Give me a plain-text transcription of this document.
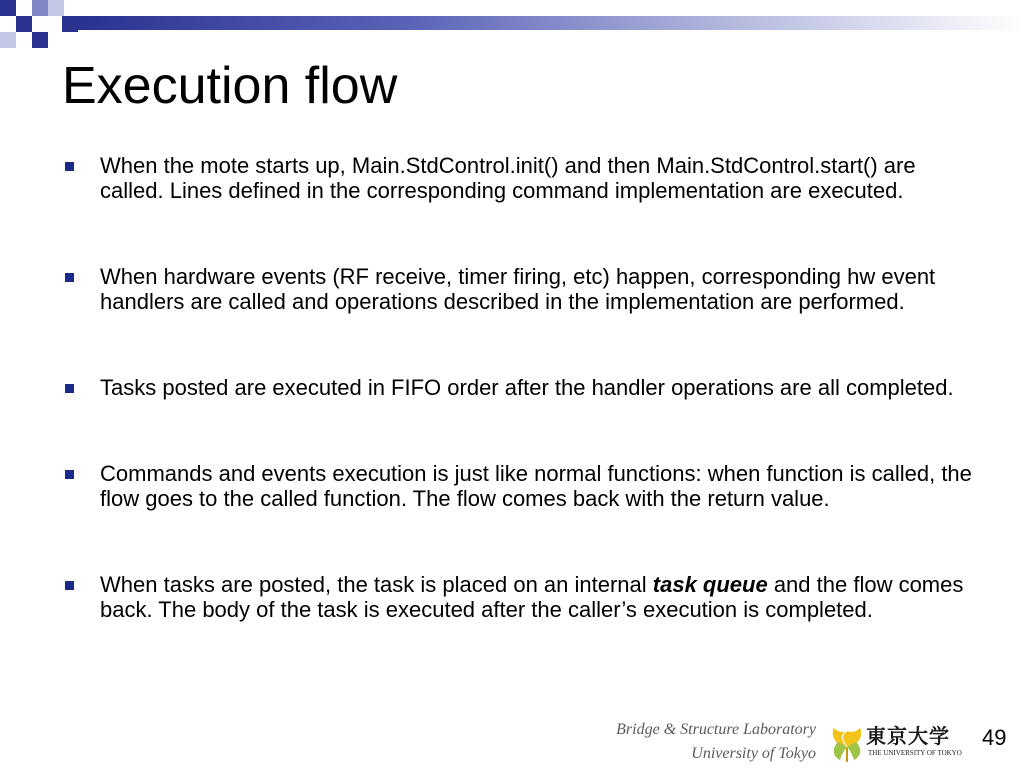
Execution flow
When the mote starts up, Main.StdControl.init() and then Main.StdControl.start() are called. Lines defined in the corresponding command implementation are executed.
When hardware events (RF receive, timer firing, etc) happen, corresponding hw event handlers are called and operations described in the implementation are performed.
Tasks posted are executed in FIFO order after the handler operations are all completed.
Commands and events execution is just like normal functions: when function is called, the flow goes to the called function. The flow comes back with the return value.
When tasks are posted, the task is placed on an internal task queue and the flow comes back. The body of the task is executed after the caller’s execution is completed.
Bridge & Structure Laboratory
University of Tokyo
東京大学
THE UNIVERSITY OF TOKYO
49
